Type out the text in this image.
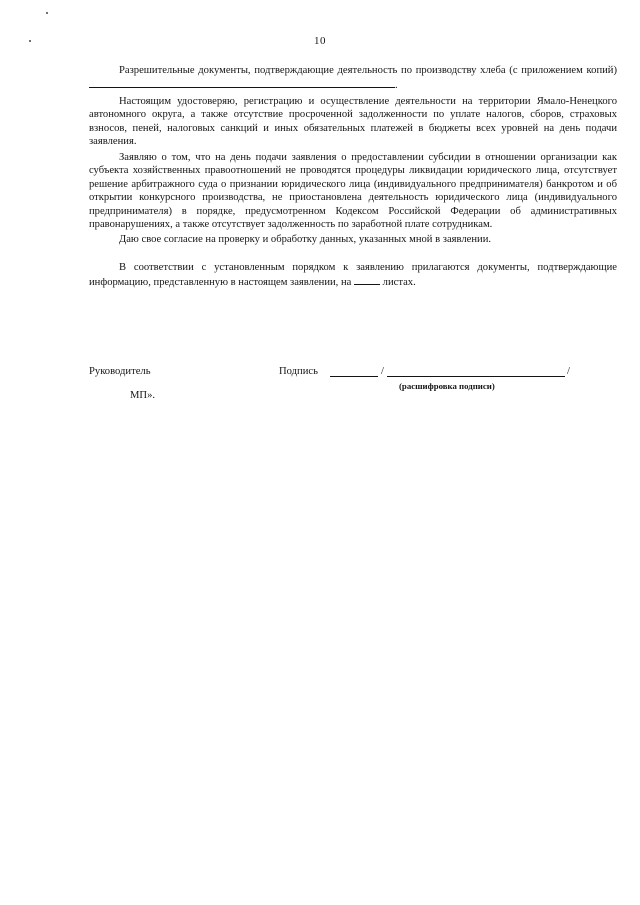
10

Разрешительные документы, подтверждающие деятельность по производству хлеба (с приложением копий) .

Настоящим удостоверяю, регистрацию и осуществление деятельности на территории Ямало-Ненецкого автономного округа, а также отсутствие просроченной задолженности по уплате налогов, сборов, страховых взносов, пеней, налоговых санкций и иных обязательных платежей в бюджеты всех уровней на день подачи заявления.

Заявляю о том, что на день подачи заявления о предоставлении субсидии в отношении организации как субъекта хозяйственных правоотношений не проводятся процедуры ликвидации юридического лица, отсутствует решение арбитражного суда о признании юридического лица (индивидуального предпринимателя) банкротом и об открытии конкурсного производства, не приостановлена деятельность юридического лица (индивидуального предпринимателя) в порядке, предусмотренном Кодексом Российской Федерации об административных правонарушениях, а также отсутствует задолженность по заработной плате сотрудникам.

Даю свое согласие на проверку и обработку данных, указанных мной в заявлении.

В соответствии с установленным порядком к заявлению прилагаются документы, подтверждающие информацию, представленную в настоящем заявлении, на	листах.

Руководитель	Подпись	/	/
(расшифровка подписи)
МП».
